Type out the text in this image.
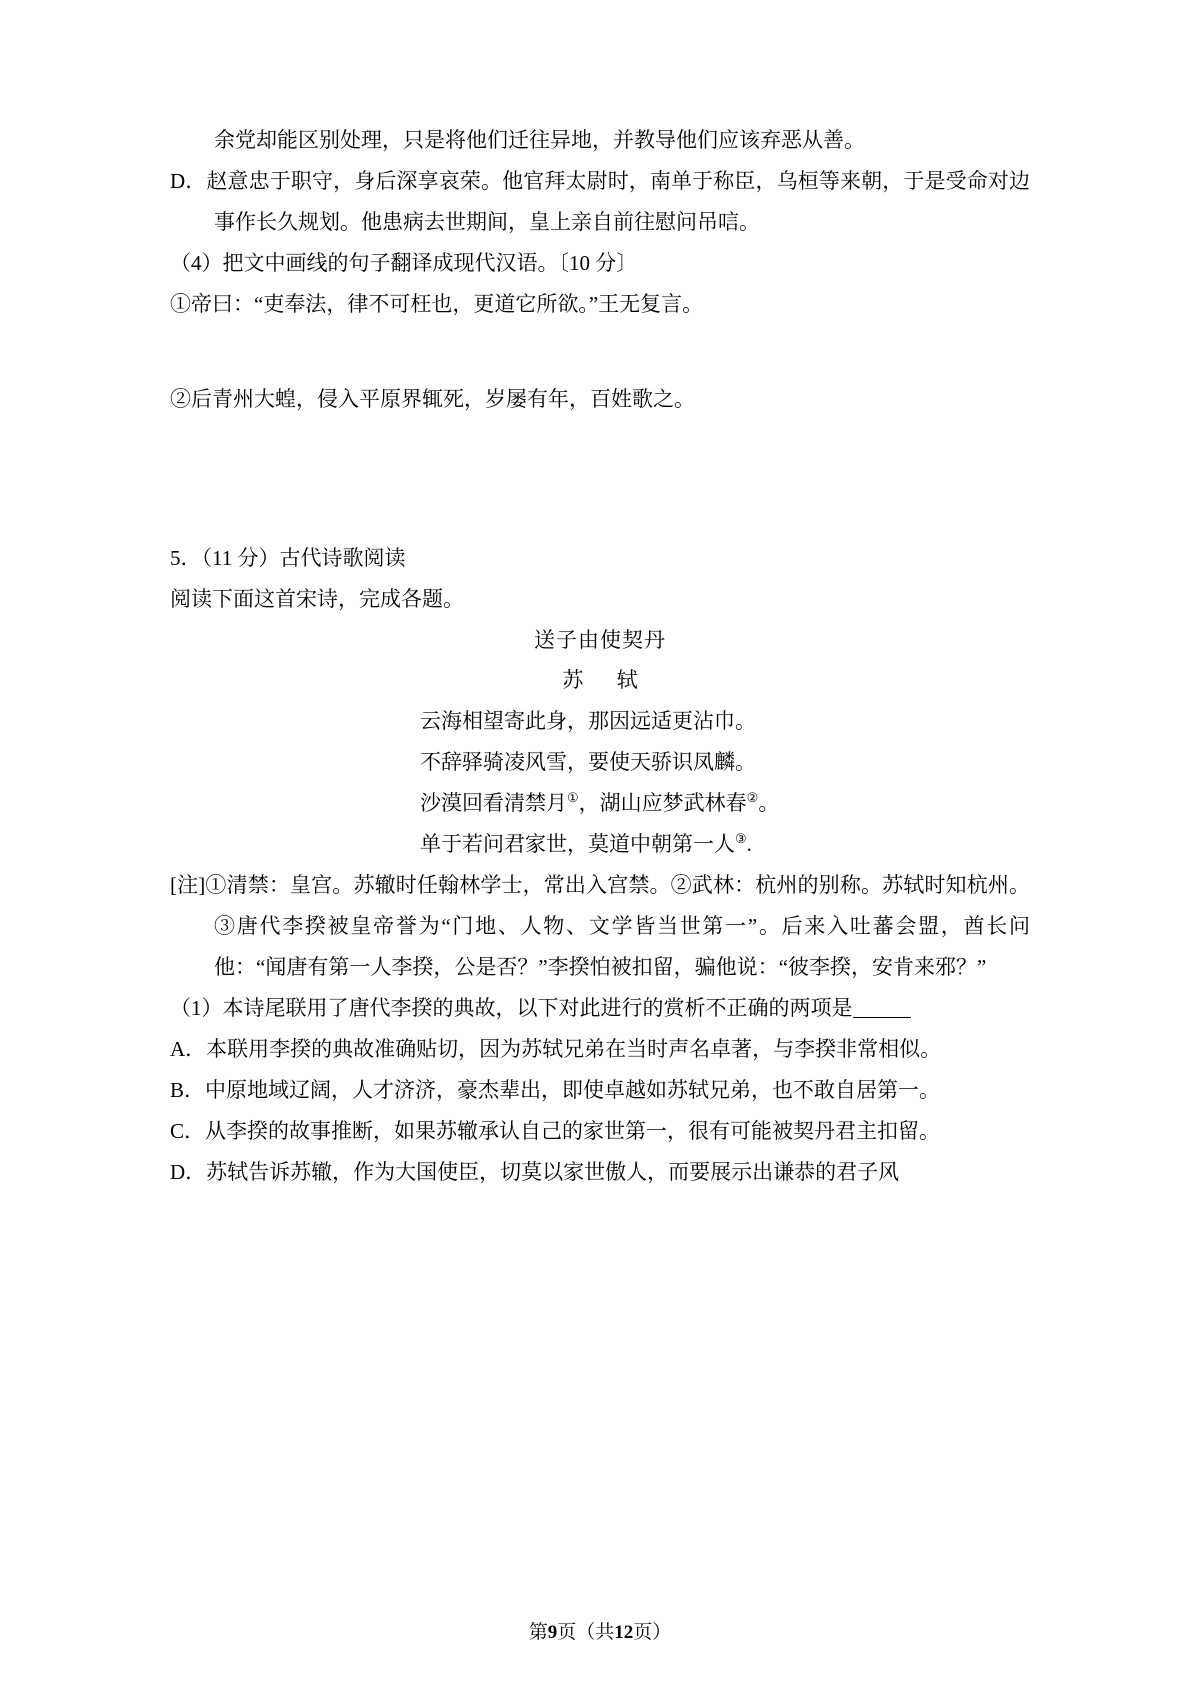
余党却能区别处理，只是将他们迁往异地，并教导他们应该弃恶从善。

D．赵意忠于职守，身后深享哀荣。他官拜太尉时，南单于称臣，乌桓等来朝，于是受命对边事作长久规划。他患病去世期间，皇上亲自前往慰问吊唁。

（4）把文中画线的句子翻译成现代汉语。〔10 分〕

①帝曰：“吏奉法，律不可枉也，更道它所欲。”王无复言。

②后青州大蝗，侵入平原界辄死，岁屡有年，百姓歌之。

5．（11 分）古代诗歌阅读

阅读下面这首宋诗，完成各题。

送子由使契丹

苏 轼

云海相望寄此身，那因远适更沾巾。

不辞驿骑凌风雪，要使天骄识凤麟。

沙漠回看清禁月①，湖山应梦武林春②。

单于若问君家世，莫道中朝第一人③.

[注]①清禁：皇宫。苏辙时任翰林学士，常出入宫禁。②武林：杭州的别称。苏轼时知杭州。③唐代李揆被皇帝誉为“门地、人物、文学皆当世第一”。后来入吐蕃会盟，酋长问他：“闻唐有第一人李揆，公是否？”李揆怕被扣留，骗他说：“彼李揆，安肯来邪？”

（1）本诗尾联用了唐代李揆的典故，以下对此进行的赏析不正确的两项是

A．本联用李揆的典故准确贴切，因为苏轼兄弟在当时声名卓著，与李揆非常相似。

B．中原地域辽阔，人才济济，豪杰辈出，即使卓越如苏轼兄弟，也不敢自居第一。

C．从李揆的故事推断，如果苏辙承认自己的家世第一，很有可能被契丹君主扣留。

D．苏轼告诉苏辙，作为大国使臣，切莫以家世傲人，而要展示出谦恭的君子风

第9页（共12页）
